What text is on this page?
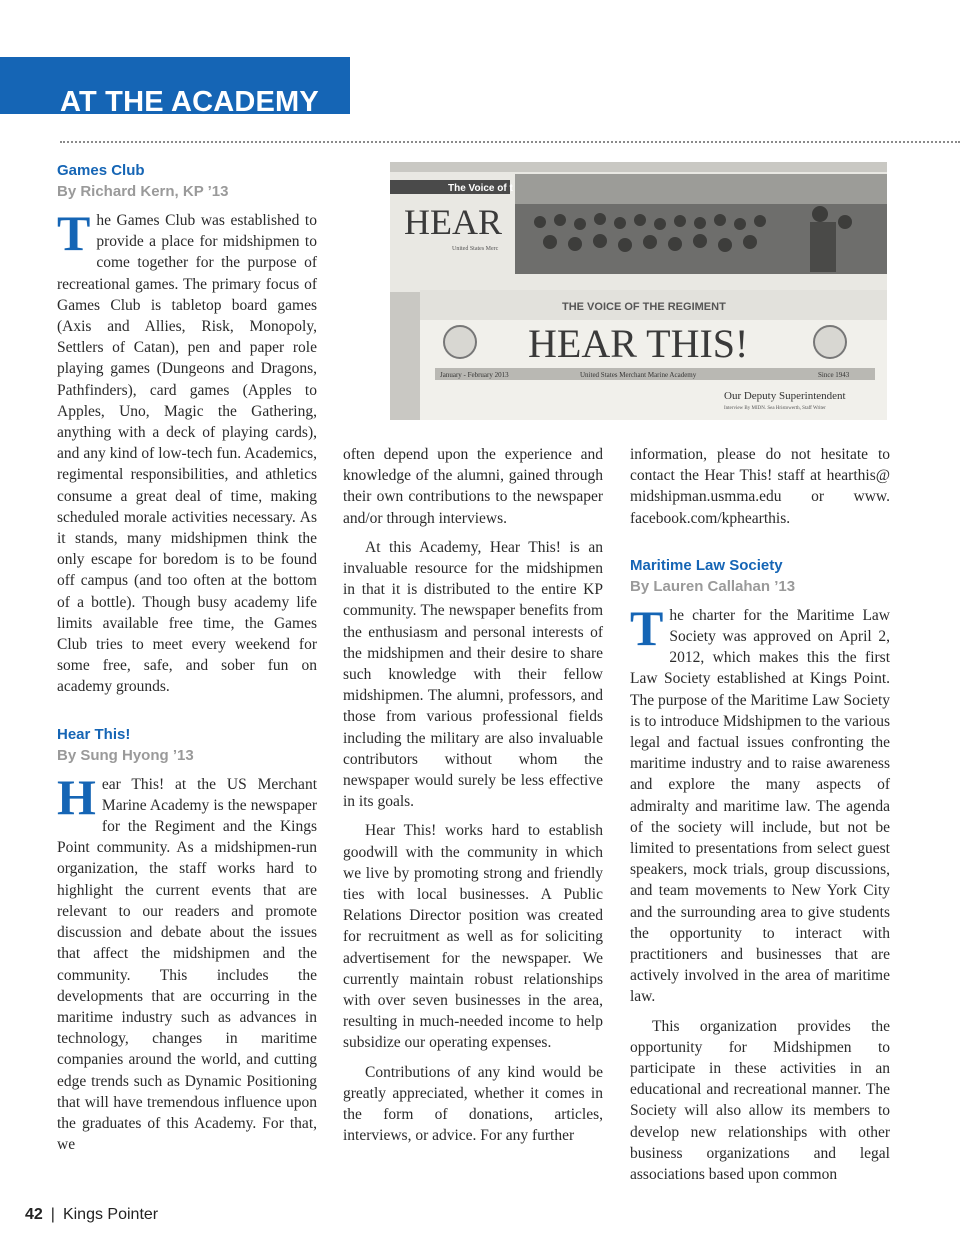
AT THE ACADEMY
Games Club
By Richard Kern, KP ’13

The Games Club was established to provide a place for midshipmen to come together for the purpose of recreational games. The primary focus of Games Club is tabletop board games (Axis and Allies, Risk, Monopoly, Settlers of Catan), pen and paper role playing games (Dungeons and Dragons, Pathfinders), card games (Apples to Apples, Uno, Magic the Gathering, anything with a deck of playing cards), and any kind of low-tech fun. Academics, regimental responsibilities, and athletics consume a great deal of time, making scheduled morale activities necessary. As it stands, many midshipmen think the only escape for boredom is to be found off campus (and too often at the bottom of a bottle). Though busy academy life limits available free time, the Games Club tries to meet every weekend for some free, safe, and sober fun on academy grounds.

Hear This!
By Sung Hyong ’13

Hear This! at the US Merchant Marine Academy is the newspaper for the Regiment and the Kings Point community. As a midshipmen-run organization, the staff works hard to highlight the current events that are relevant to our readers and promote discussion and debate about the issues that affect the midshipmen and the community. This includes the developments that are occurring in the maritime industry such as advances in technology, changes in maritime companies around the world, and cutting edge trends such as Dynamic Positioning that will have tremendous influence upon the graduates of this Academy. For that, we

The Voice of t
HEAR
United States Merc
THE VOICE OF THE REGIMENT
HEAR THIS!
January - February 2013	United States Merchant Marine Academy	Since 1943
Our Deputy Superintendent
Interview By MIDN. Sea Hristowerth, Staff Writer

often depend upon the experience and knowledge of the alumni, gained through their own contributions to the newspaper and/or through interviews.

At this Academy, Hear This! is an invaluable resource for the midshipmen in that it is distributed to the entire KP community. The newspaper benefits from the enthusiasm and personal interests of the midshipmen and their desire to share such knowledge with their fellow midshipmen. The alumni, professors, and those from various professional fields including the military are also invaluable contributors without whom the newspaper would surely be less effective in its goals.

Hear This! works hard to establish goodwill with the community in which we live by promoting strong and friendly ties with local businesses. A Public Relations Director position was created for recruitment as well as for soliciting advertisement for the newspaper. We currently maintain robust relationships with over seven businesses in the area, resulting in much-needed income to help subsidize our operating expenses.

Contributions of any kind would be greatly appreciated, whether it comes in the form of donations, articles, interviews, or advice. For any further

information, please do not hesitate to contact the Hear This! staff at hearthis@ midshipman.usmma.edu or www. facebook.com/kphearthis.

Maritime Law Society
By Lauren Callahan ’13

The charter for the Maritime Law Society was approved on April 2, 2012, which makes this the first Law Society established at Kings Point. The purpose of the Maritime Law Society is to introduce Midshipmen to the various legal and factual issues confronting the maritime industry and to raise awareness and explore the many aspects of admiralty and maritime law. The agenda of the society will include, but not be limited to presentations from select guest speakers, mock trials, group discussions, and team movements to New York City and the surrounding area to give students the opportunity to interact with practitioners and businesses that are actively involved in the area of maritime law.

This organization provides the opportunity for Midshipmen to participate in these activities in an educational and recreational manner. The Society will also allow its members to develop new relationships with other business organizations and legal associations based upon common

42 | Kings Pointer
